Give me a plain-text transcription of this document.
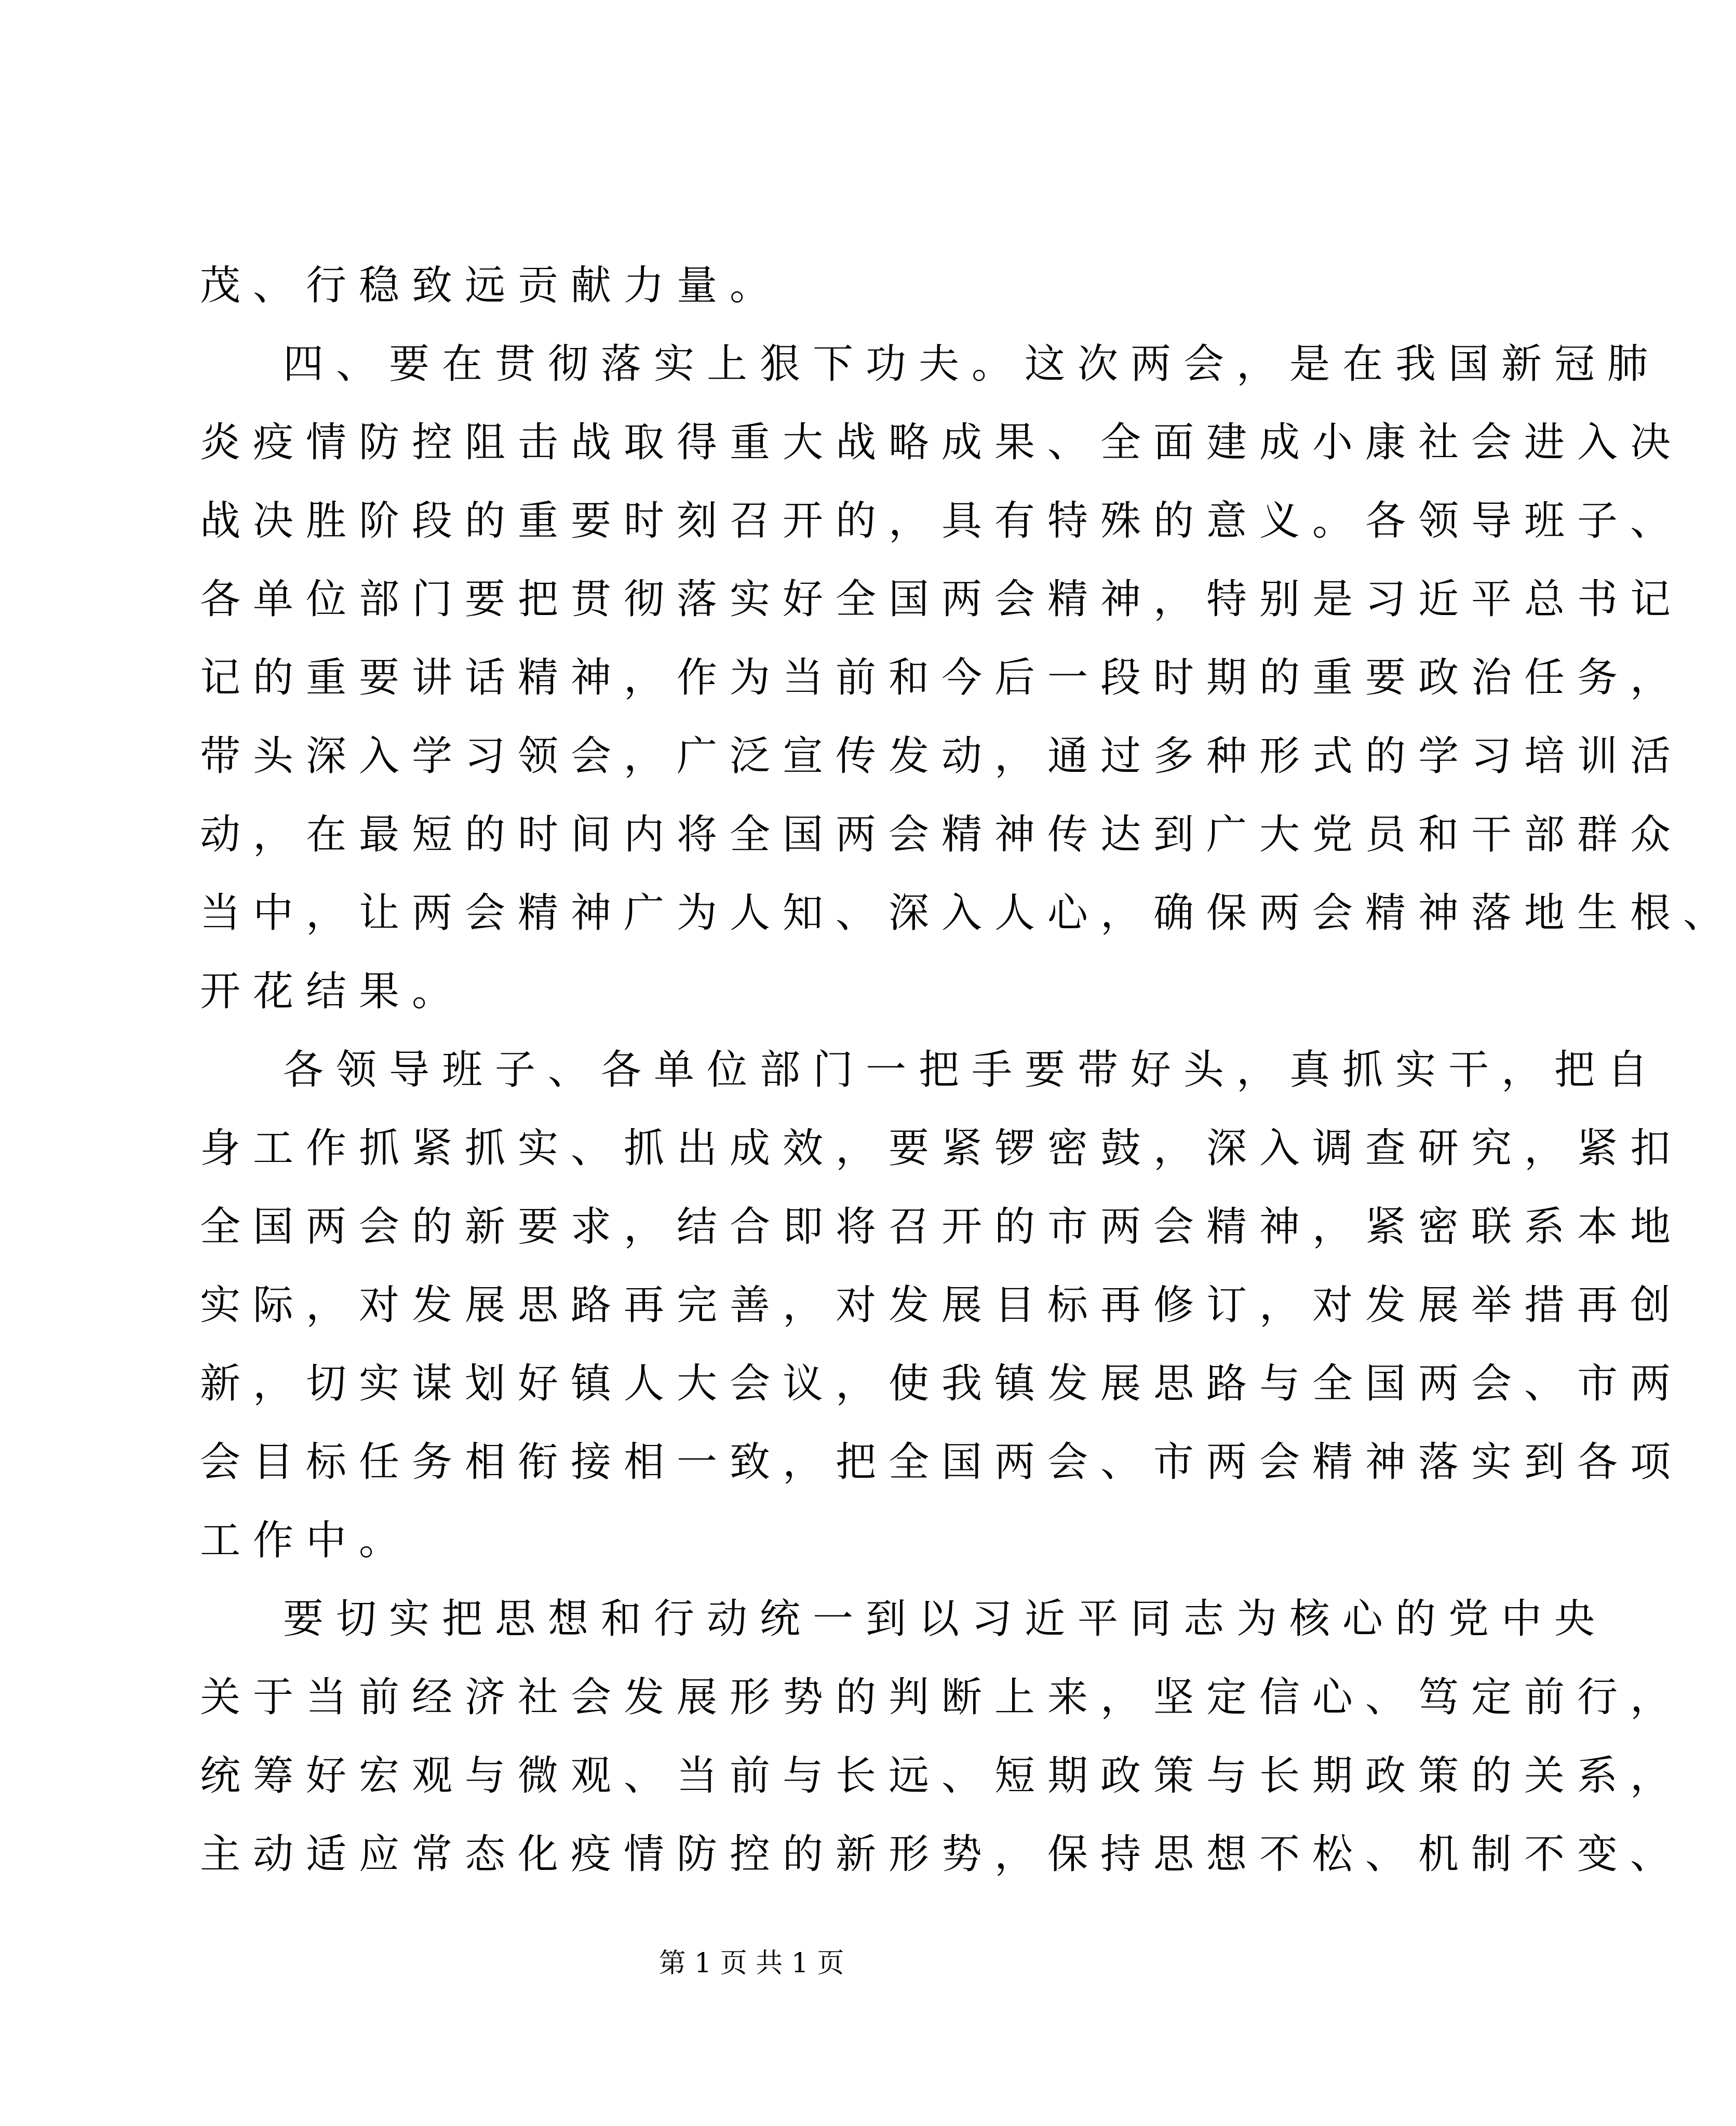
茂、行稳致远贡献力量。
四、要在贯彻落实上狠下功夫。这次两会，是在我国新冠肺
炎疫情防控阻击战取得重大战略成果、全面建成小康社会进入决
战决胜阶段的重要时刻召开的，具有特殊的意义。各领导班子、
各单位部门要把贯彻落实好全国两会精神，特别是习近平总书记
记的重要讲话精神，作为当前和今后一段时期的重要政治任务，
带头深入学习领会，广泛宣传发动，通过多种形式的学习培训活
动，在最短的时间内将全国两会精神传达到广大党员和干部群众
当中，让两会精神广为人知、深入人心，确保两会精神落地生根、
开花结果。
各领导班子、各单位部门一把手要带好头，真抓实干，把自
身工作抓紧抓实、抓出成效，要紧锣密鼓，深入调查研究，紧扣
全国两会的新要求，结合即将召开的市两会精神，紧密联系本地
实际，对发展思路再完善，对发展目标再修订，对发展举措再创
新，切实谋划好镇人大会议，使我镇发展思路与全国两会、市两
会目标任务相衔接相一致，把全国两会、市两会精神落实到各项
工作中。
要切实把思想和行动统一到以习近平同志为核心的党中央
关于当前经济社会发展形势的判断上来，坚定信心、笃定前行，
统筹好宏观与微观、当前与长远、短期政策与长期政策的关系，
主动适应常态化疫情防控的新形势，保持思想不松、机制不变、
第 1 页 共 1 页
